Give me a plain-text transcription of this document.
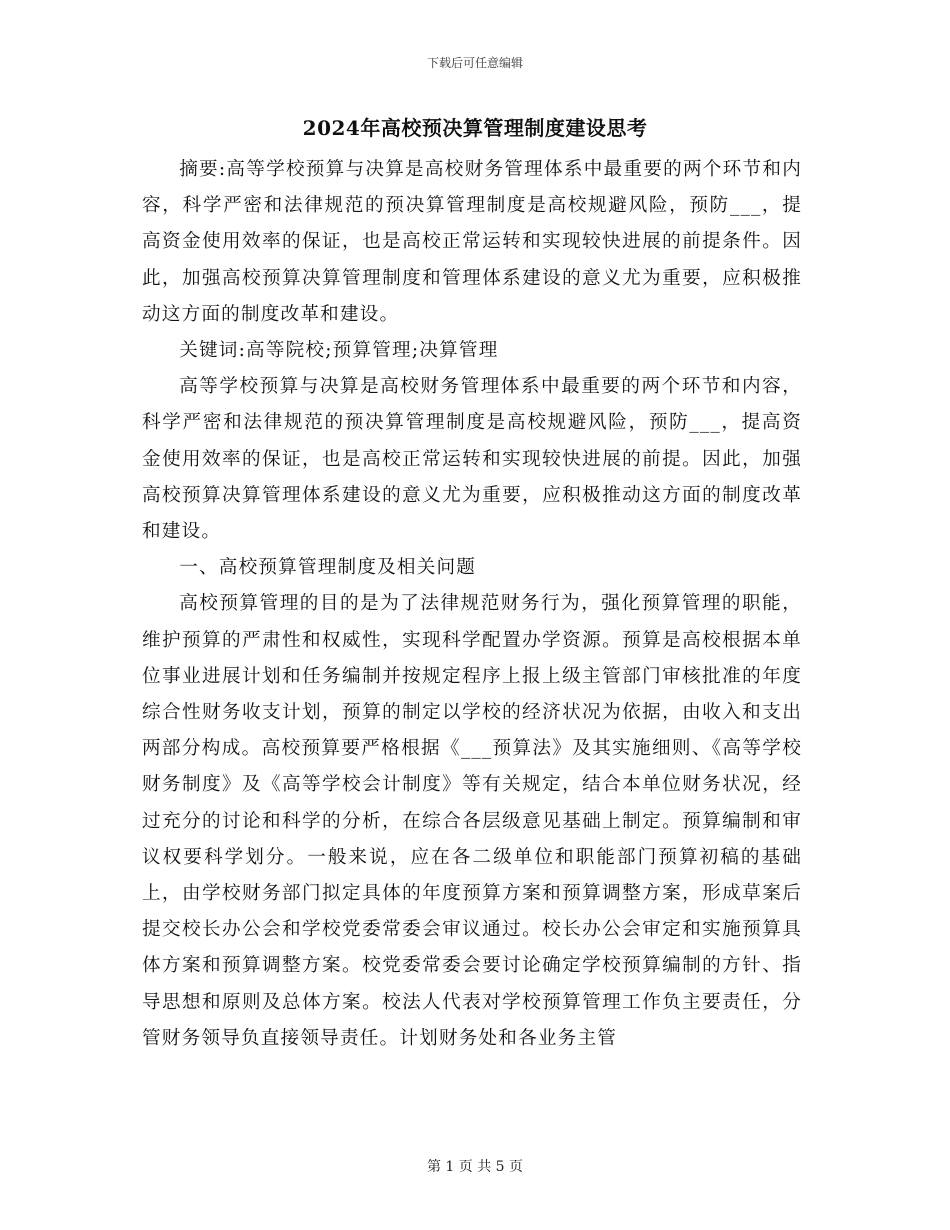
下载后可任意编辑
2024年高校预决算管理制度建设思考

摘要:高等学校预算与决算是高校财务管理体系中最重要的两个环节和内容，科学严密和法律规范的预决算管理制度是高校规避风险，预防___，提高资金使用效率的保证，也是高校正常运转和实现较快进展的前提条件。因此，加强高校预算决算管理制度和管理体系建设的意义尤为重要，应积极推动这方面的制度改革和建设。

关键词:高等院校;预算管理;决算管理

高等学校预算与决算是高校财务管理体系中最重要的两个环节和内容，科学严密和法律规范的预决算管理制度是高校规避风险，预防___，提高资金使用效率的保证，也是高校正常运转和实现较快进展的前提。因此，加强高校预算决算管理体系建设的意义尤为重要，应积极推动这方面的制度改革和建设。

一、高校预算管理制度及相关问题

高校预算管理的目的是为了法律规范财务行为，强化预算管理的职能，维护预算的严肃性和权威性，实现科学配置办学资源。预算是高校根据本单位事业进展计划和任务编制并按规定程序上报上级主管部门审核批准的年度综合性财务收支计划，预算的制定以学校的经济状况为依据，由收入和支出两部分构成。高校预算要严格根据《___预算法》及其实施细则、《高等学校财务制度》及《高等学校会计制度》等有关规定，结合本单位财务状况，经过充分的讨论和科学的分析，在综合各层级意见基础上制定。预算编制和审议权要科学划分。一般来说，应在各二级单位和职能部门预算初稿的基础上，由学校财务部门拟定具体的年度预算方案和预算调整方案，形成草案后提交校长办公会和学校党委常委会审议通过。校长办公会审定和实施预算具体方案和预算调整方案。校党委常委会要讨论确定学校预算编制的方针、指导思想和原则及总体方案。校法人代表对学校预算管理工作负主要责任，分管财务领导负直接领导责任。计划财务处和各业务主管

第 1 页 共 5 页
